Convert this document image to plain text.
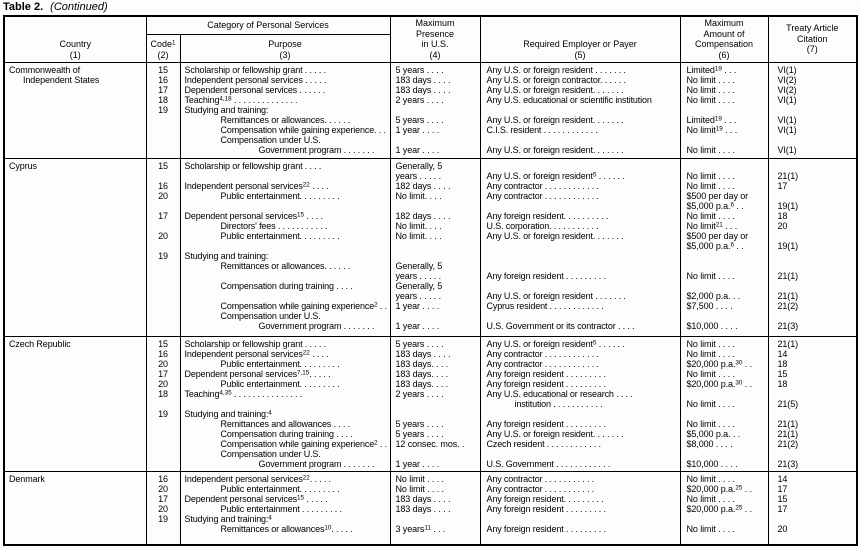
Table 2. (Continued)
Country
(1)	Category of Personal Services		Maximum
Presence
in U.S.
(4)	Required Employer or Payer
(5)	Maximum
Amount of
Compensation
(6)	Treaty Article
Citation
(7)
	Code$^1$
(2)	Purpose
(3)				

Commonwealth of
Independent States	15	Scholarship or fellowship grant . . . . .	5 years . . . .	Any U.S. or foreign resident . . . . . . .	Limited$^{19}$ . . .	VI(1)
	16	Independent personal services . . . . .	183 days . . . .	Any U.S. or foreign contractor. . . . . .	No limit . . . .	VI(2)
	17	Dependent personal services . . . . . .	183 days . . . .	Any U.S. or foreign resident. . . . . . .	No limit . . . .	VI(2)
	18	Teaching$^{4,18}$ . . . . . . . . . . . . . .	2 years . . . .	Any U.S. educational or scientific institution	No limit . . . .	VI(1)
	19	Studying and training:				
		Remittances or allowances. . . . . .	5 years . . . .	Any U.S. or foreign resident. . . . . . .	Limited$^{19}$ . . .	VI(1)
		Compensation while gaining experience. . .	1 year . . . .	C.I.S. resident . . . . . . . . . . . .	No limit$^{19}$ . . .	VI(1)
		Compensation under U.S.				
		Government program . . . . . . .	1 year . . . .	Any U.S. or foreign resident. . . . . . .	No limit . . . .	VI(1)

Cyprus	15	Scholarship or fellowship grant . . . .	Generally, 5			
			years . . . . .	Any U.S. or foreign resident$^5$ . . . . . .	No limit . . . .	21(1)
	16	Independent personal services$^{22}$ . . . .	182 days . . . .	Any contractor . . . . . . . . . . . .	No limit . . . .	17
	20	Public entertainment. . . . . . . . .	No limit. . . .	Any contractor . . . . . . . . . . . .	$500 per day or	
					$5,000 p.a.$^6$ . .	19(1)
	17	Dependent personal services$^{15}$ . . . .	182 days . . . .	Any foreign resident. . . . . . . . . .	No limit . . . .	18
		Directors' fees . . . . . . . . . . .	No limit. . . .	U.S. corporation. . . . . . . . . . .	No limit$^{21}$ . . .	20
	20	Public entertainment. . . . . . . . .	No limit. . . .	Any U.S. or foreign resident. . . . . . .	$500 per day or	
					$5,000 p.a.$^6$ . .	19(1)
	19	Studying and training:				
		Remittances or allowances. . . . . .	Generally, 5			
			years . . . . .	Any foreign resident . . . . . . . . .	No limit . . . .	21(1)
		Compensation during training . . . .	Generally, 5			
			years . . . . .	Any U.S. or foreign resident . . . . . . .	$2,000 p.a. . .	21(1)
		Compensation while gaining experience$^2$ . .	1 year . . . .	Cyprus resident . . . . . . . . . . . .	$7,500 . . . .	21(2)
		Compensation under U.S.				
		Government program . . . . . . .	1 year . . . .	U.S. Government or its contractor . . . .	$10,000 . . . .	21(3)

Czech Republic	15	Scholarship or fellowship grant . . . . .	5 years . . . .	Any U.S. or foreign resident$^5$ . . . . . .	No limit . . . .	21(1)
	16	Independent personal services$^{22}$ . . . .	183 days . . . .	Any contractor . . . . . . . . . . . .	No limit . . . .	14
	20	Public entertainment. . . . . . . . .	183 days. . . .	Any contractor . . . . . . . . . . . .	$20,000 p.a.$^{30}$ . .	18
	17	Dependent personal services$^{7,15}$. . . . .	183 days. . . .	Any foreign resident . . . . . . . . .	No limit . . . .	15
	20	Public entertainment. . . . . . . . .	183 days. . . .	Any foreign resident . . . . . . . . .	$20,000 p.a.$^{30}$ . .	18
	18	Teaching$^{4,35}$ . . . . . . . . . . . . . . .	2 years . . . .	Any U.S. educational or research . . . .		
				institution . . . . . . . . . . .	No limit . . . .	21(5)
	19	Studying and training:$^4$				
		Remittances and allowances . . . .	5 years . . . .	Any foreign resident . . . . . . . . .	No limit . . . .	21(1)
		Compensation during training . . . .	5 years . . . .	Any U.S. or foreign resident. . . . . . .	$5,000 p.a. . .	21(1)
		Compensation while gaining experience$^2$ . .	12 consec. mos. .	Czech resident . . . . . . . . . . . .	$8,000 . . . .	21(2)
		Compensation under U.S.				
		Government program . . . . . . .	1 year . . . .	U.S. Government . . . . . . . . . . . .	$10,000 . . . .	21(3)

Denmark	16	Independent personal services$^{22}$. . . . .	No limit . . . .	Any contractor . . . . . . . . . . .	No limit . . . .	14
	20	Public entertainment. . . . . . . . .	No limit . . . .	Any contractor . . . . . . . . . . .	$20,000 p.a.$^{25}$ . .	17
	17	Dependent personal services$^{15}$ . . . . .	183 days . . . .	Any foreign resident. . . . . . . . .	No limit . . . .	15
	20	Public entertainment . . . . . . . . .	183 days . . . .	Any foreign resident . . . . . . . . .	$20,000 p.a.$^{25}$ . .	17
	19	Studying and training:$^4$				
		Remittances or allowances$^{10}$. . . . .	3 years$^{11}$ . . .	Any foreign resident . . . . . . . . .	No limit . . . .	20
